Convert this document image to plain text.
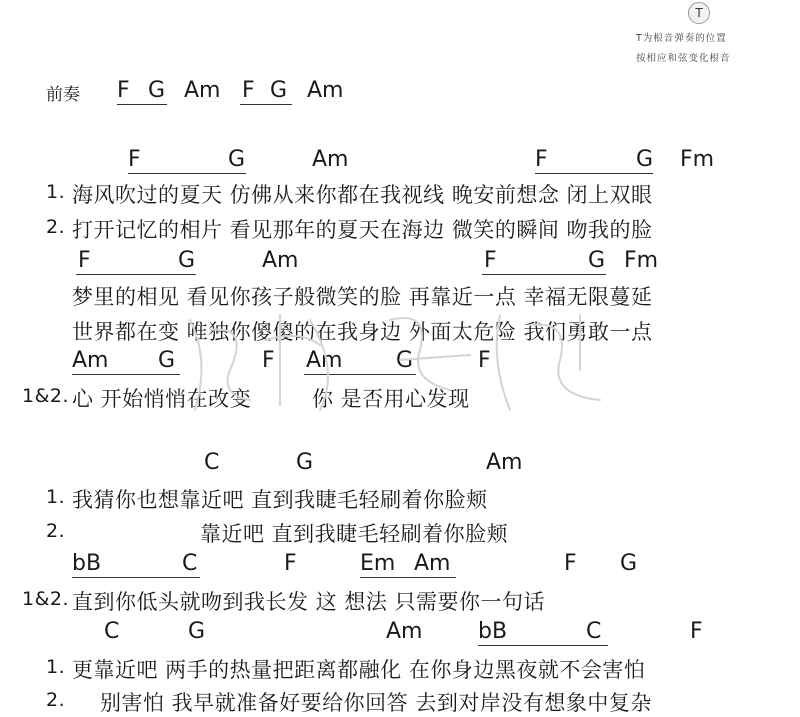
T
T为根音弹奏的位置
按相应和弦变化根音
前奏 F G Am F G Am
F	G	Am	F	G Fm
1. 海风吹过的夏天 仿佛从来你都在我视线 晚安前想念 闭上双眼
2. 打开记忆的相片 看见那年的夏天在海边 微笑的瞬间 吻我的脸
F	G	Am	F	G Fm
梦里的相见 看见你孩子般微笑的脸 再靠近一点 幸福无限蔓延
世界都在变 唯独你傻傻的在我身边 外面太危险 我们勇敢一点
Am G	F Am G	F
1&2. 心 开始悄悄在改变	你 是否用心发现
C	G	Am
1. 我猜你也想靠近吧 直到我睫毛轻刷着你脸颊
2.	靠近吧 直到我睫毛轻刷着你脸颊
bB	C	F	Em Am	F G
1&2. 直到你低头就吻到我长发 这 想法 只需要你一句话
C	G	Am	bB	C	F
1. 更靠近吧 两手的热量把距离都融化 在你身边黑夜就不会害怕
2. 别害怕 我早就准备好要给你回答 去到对岸没有想象中复杂
